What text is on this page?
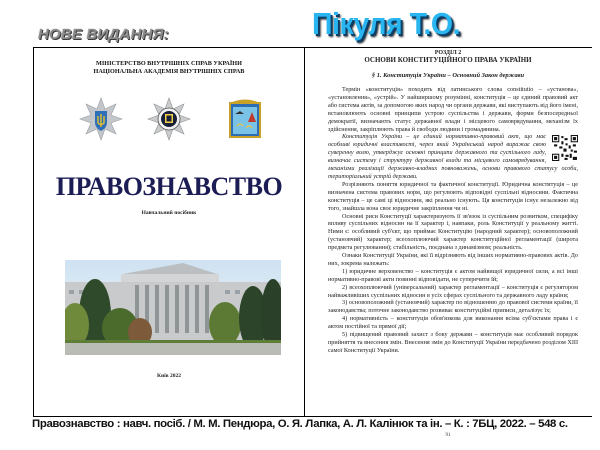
НОВЕ ВИДАННЯ:	Пікуля Т.О.
МІНІСТЕРСТВО ВНУТРІШНІХ СПРАВ УКРАЇНИ
НАЦІОНАЛЬНА АКАДЕМІЯ ВНУТРІШНІХ СПРАВ
ПРАВОЗНАВСТВО
Навчальний посібник
Київ 2022
РОЗДІЛ 2
ОСНОВИ КОНСТИТУЦІЙНОГО ПРАВА УКРАЇНИ
§ 1. Конституція України – Основний Закон держави

Термін «конституція» походить від латинського слова constitutio – «установа», «установлення», «устрій». У найширшому розумінні, конституція – це єдиний правовий акт або система актів, за допомогою яких народ чи органи держави, які виступають від його імені, встановлюють основні принципи устрою суспільства і держави, форми безпосередньої демократії, визначають статус державної влади і місцевого самоврядування, механізм їх здійснення, закріплюють права й свободи людини і громадянина.

Конституція України – це єдиний нормативно-правовий акт, що має особливі юридичні властивості, через який Український народ виражає свою суверенну волю, утверджує основні принципи державного та суспільного ладу, визначає систему і структуру державної влади та місцевого самоврядування, механізми реалізації державно-владних повноважень, основи правового статусу особи, територіальний устрій держави.

Розрізняють поняття юридичної та фактичної конституції. Юридична конституція – це визначена система правових норм, що регулюють відповідні суспільні відносини. Фактична конституція – це самі ці відносини, які реально існують. Ця конституція існує незалежно від того, знайшла вона своє юридичне закріплення чи ні.

Основні риси Конституції характеризують її зв'язок із суспільним розвитком, специфіку впливу суспільних відносин на її характер і, навпаки, роль Конституції у реальному житті. Ними є: особливий суб'єкт, що приймає Конституцію (народний характер); основоположний (установчий) характер; всеохоплюючий характер конституційної регламентації (широта предмета регулювання); стабільність, поєднана з динамізмом; реальність.

Ознаки Конституції України, які її відрізняють від інших нормативно-правових актів. До них, зокрема належать:

1) юридичне верховенство – конституція є актом найвищої юридичної сили, а всі інші нормативно-правові акти повинні відповідати, не суперечити їй;

2) всеохоплюючий (універсальний) характер регламентації – конституція є регулятором найважливіших суспільних відносин в усіх сферах суспільного та державного ладу країни;

3) основоположний (установчий) характер по відношенню до правової системи країни, її законодавства; поточне законодавство розвиває конституційні приписи, деталізує їх;

4) нормативність – конституція обов'язкова для виконання всіма суб'єктами права і є актом постійної та прямої дії;

5) підвищений правовий захист з боку держави – конституція має особливий порядок прийняття та внесення змін. Внесення змін до Конституції України передбачено розділом XIII самої Конституції України.

91
Правознавство : навч. посіб. / М. М. Пендюра, О. Я. Лапка, А. Л. Калінюк та ін. – К. : 7БЦ, 2022. – 548 с.
